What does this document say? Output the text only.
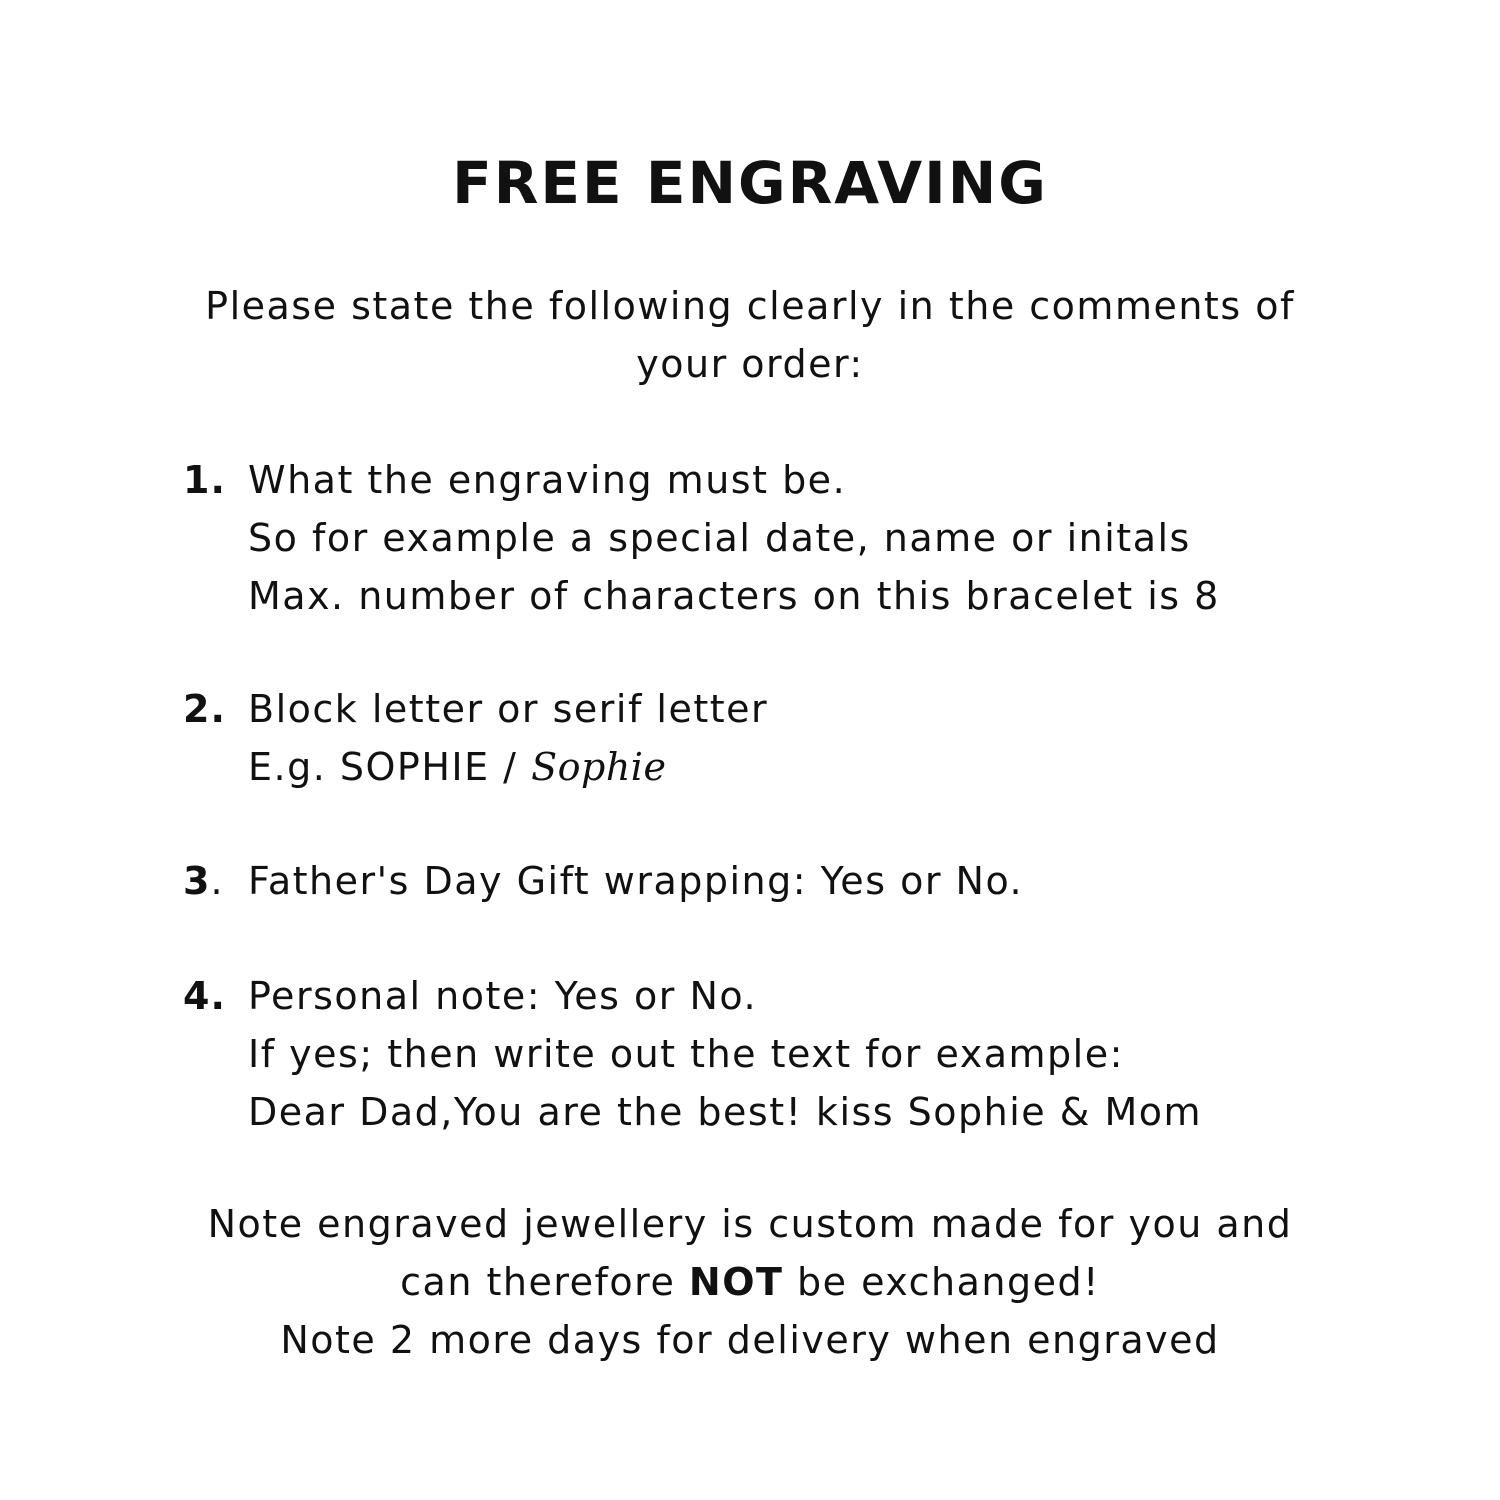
FREE ENGRAVING
Please state the following clearly in the comments of
your order:
1. What the engraving must be.
So for example a special date, name or initals
Max. number of characters on this bracelet is 8
2. Block letter or serif letter
E.g. SOPHIE / Sophie
3. Father's Day Gift wrapping: Yes or No.
4. Personal note: Yes or No.
If yes; then write out the text for example:
Dear Dad,You are the best! kiss Sophie & Mom
Note engraved jewellery is custom made for you and
can therefore NOT be exchanged!
Note 2 more days for delivery when engraved
